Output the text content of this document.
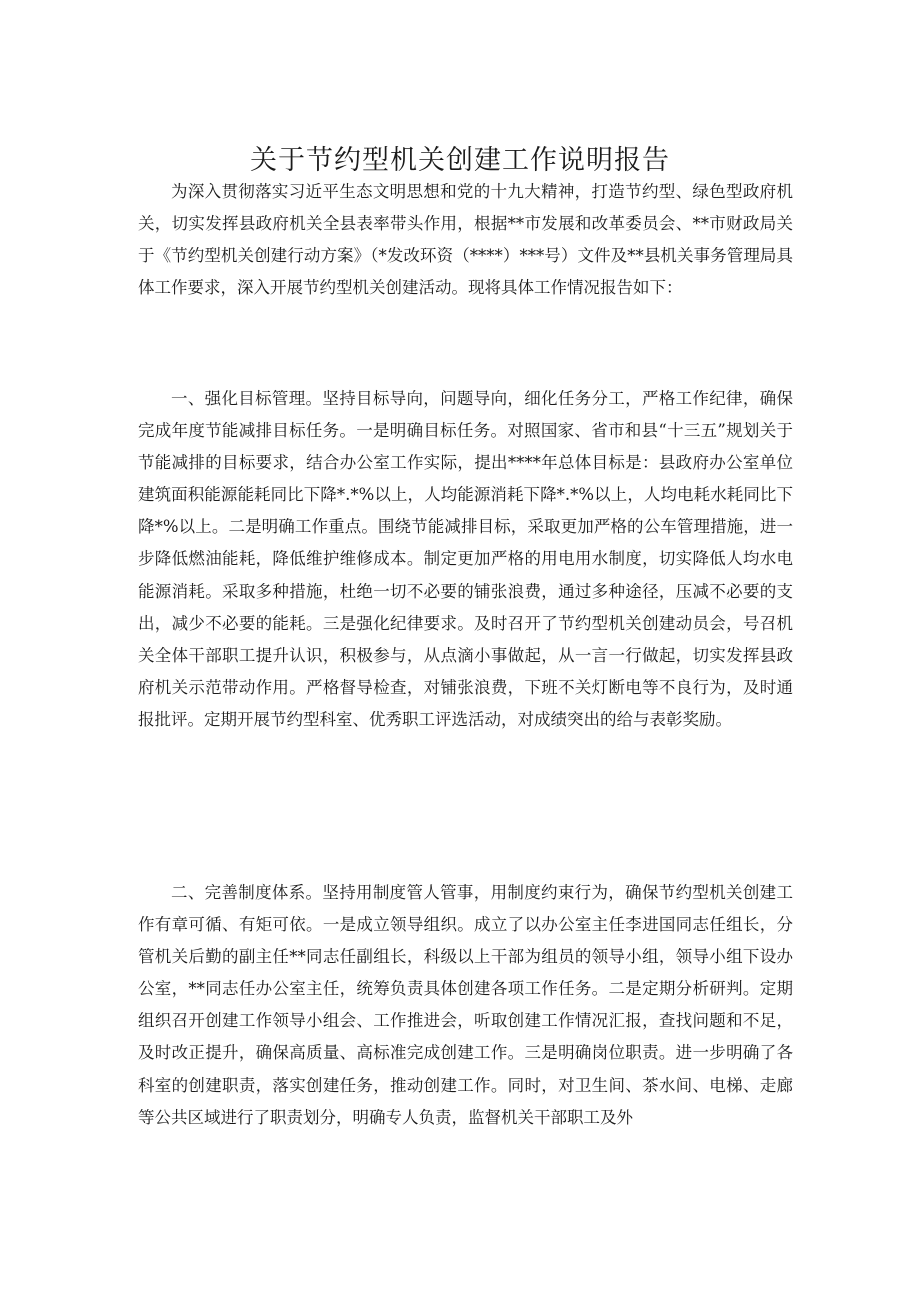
关于节约型机关创建工作说明报告

为深入贯彻落实习近平生态文明思想和党的十九大精神，打造节约型、绿色型政府机关，切实发挥县政府机关全县表率带头作用，根据**市发展和改革委员会、**市财政局关于《节约型机关创建行动方案》（*发改环资（****）***号）文件及**县机关事务管理局具体工作要求，深入开展节约型机关创建活动。现将具体工作情况报告如下：

一、强化目标管理。坚持目标导向，问题导向，细化任务分工，严格工作纪律，确保完成年度节能减排目标任务。一是明确目标任务。对照国家、省市和县“十三五”规划关于节能减排的目标要求，结合办公室工作实际，提出****年总体目标是：县政府办公室单位建筑面积能源能耗同比下降*.*%以上，人均能源消耗下降*.*%以上，人均电耗水耗同比下降*%以上。二是明确工作重点。围绕节能减排目标，采取更加严格的公车管理措施，进一步降低燃油能耗，降低维护维修成本。制定更加严格的用电用水制度，切实降低人均水电能源消耗。采取多种措施，杜绝一切不必要的铺张浪费，通过多种途径，压减不必要的支出，减少不必要的能耗。三是强化纪律要求。及时召开了节约型机关创建动员会，号召机关全体干部职工提升认识，积极参与，从点滴小事做起，从一言一行做起，切实发挥县政府机关示范带动作用。严格督导检查，对铺张浪费，下班不关灯断电等不良行为，及时通报批评。定期开展节约型科室、优秀职工评选活动，对成绩突出的给与表彰奖励。

二、完善制度体系。坚持用制度管人管事，用制度约束行为，确保节约型机关创建工作有章可循、有矩可依。一是成立领导组织。成立了以办公室主任李进国同志任组长，分管机关后勤的副主任**同志任副组长，科级以上干部为组员的领导小组，领导小组下设办公室，**同志任办公室主任，统筹负责具体创建各项工作任务。二是定期分析研判。定期组织召开创建工作领导小组会、工作推进会，听取创建工作情况汇报，查找问题和不足，及时改正提升，确保高质量、高标准完成创建工作。三是明确岗位职责。进一步明确了各科室的创建职责，落实创建任务，推动创建工作。同时，对卫生间、茶水间、电梯、走廊等公共区域进行了职责划分，明确专人负责，监督机关干部职工及外
